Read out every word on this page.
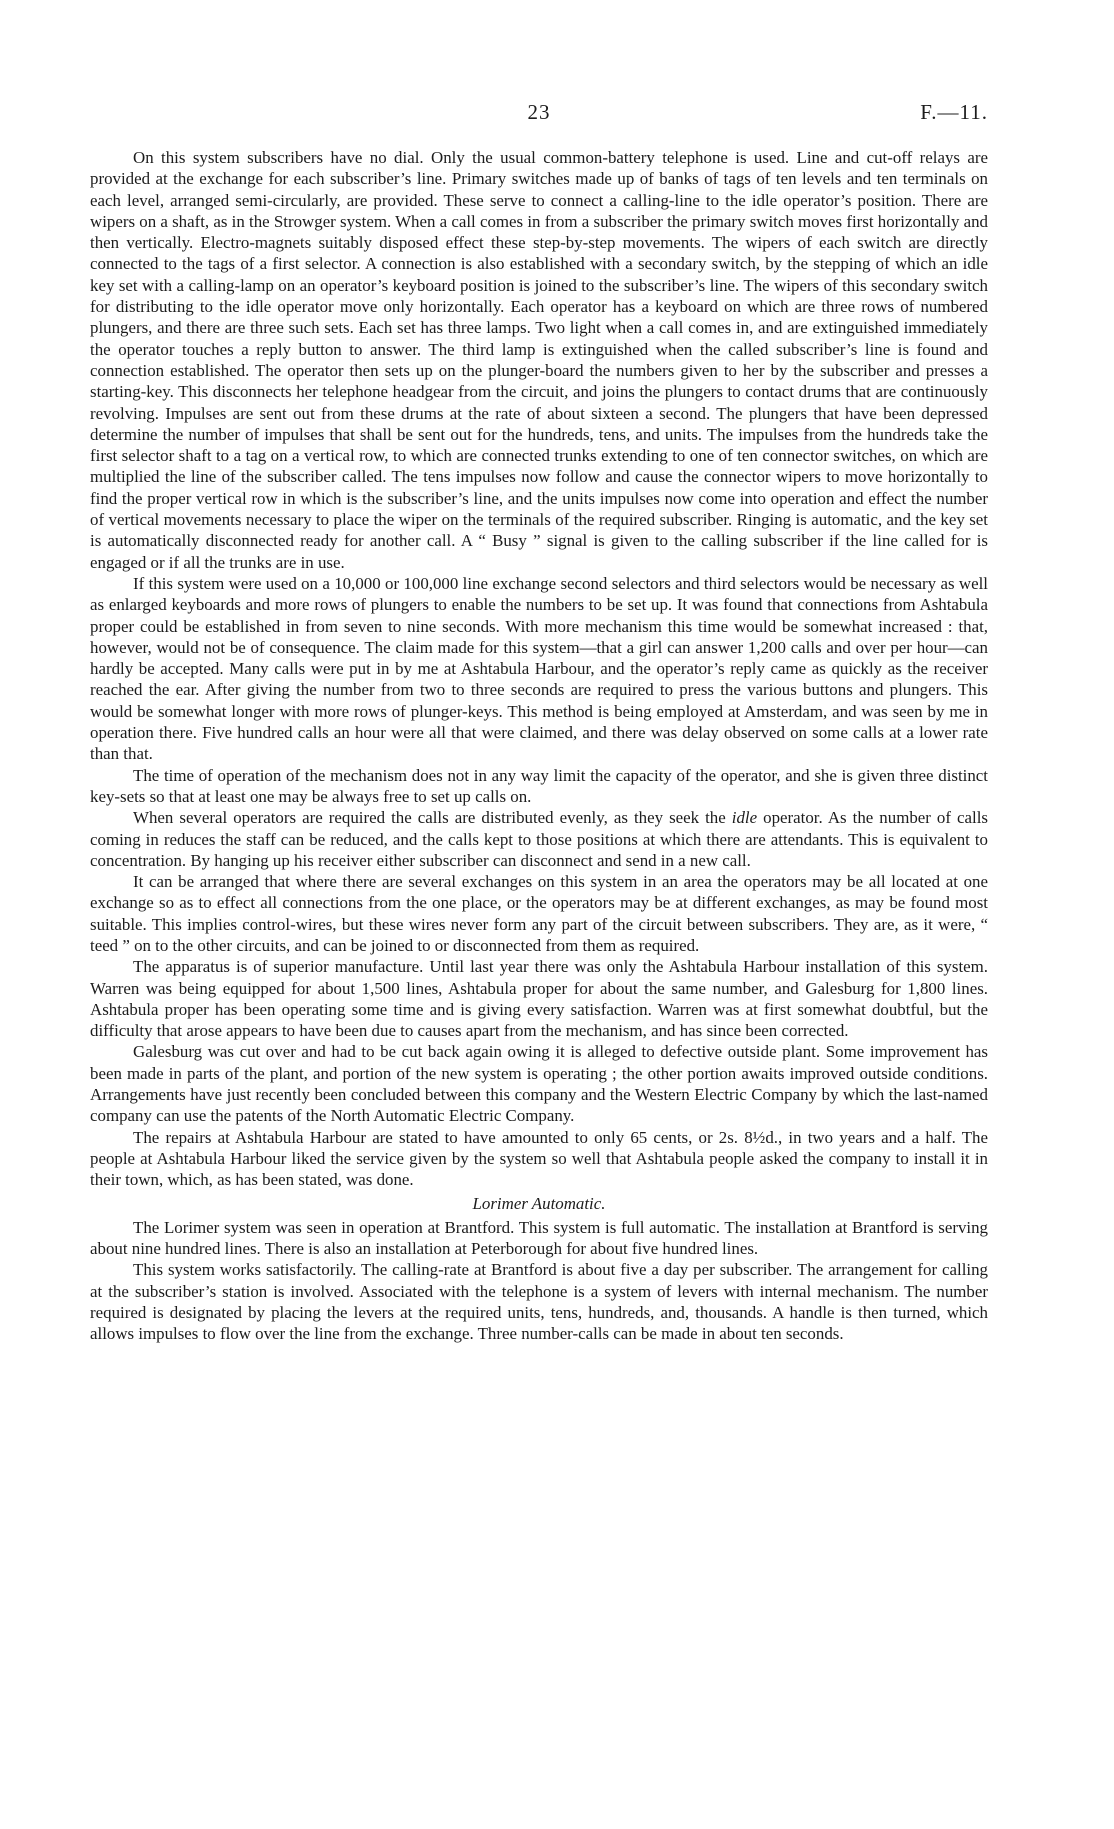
23	F.—11.

On this system subscribers have no dial. Only the usual common-battery telephone is used. Line and cut-off relays are provided at the exchange for each subscriber’s line. Primary switches made up of banks of tags of ten levels and ten terminals on each level, arranged semi-circularly, are provided. These serve to connect a calling-line to the idle operator’s position. There are wipers on a shaft, as in the Strowger system. When a call comes in from a subscriber the primary switch moves first horizontally and then vertically. Electro-magnets suitably disposed effect these step-by-step movements. The wipers of each switch are directly connected to the tags of a first selector. A connection is also established with a secondary switch, by the stepping of which an idle key set with a calling-lamp on an operator’s keyboard position is joined to the subscriber’s line. The wipers of this secondary switch for distributing to the idle operator move only horizontally. Each operator has a keyboard on which are three rows of numbered plungers, and there are three such sets. Each set has three lamps. Two light when a call comes in, and are extinguished immediately the operator touches a reply button to answer. The third lamp is extinguished when the called subscriber’s line is found and connection established. The operator then sets up on the plunger-board the numbers given to her by the subscriber and presses a starting-key. This disconnects her telephone headgear from the circuit, and joins the plungers to contact drums that are continuously revolving. Impulses are sent out from these drums at the rate of about sixteen a second. The plungers that have been depressed determine the number of impulses that shall be sent out for the hundreds, tens, and units. The impulses from the hundreds take the first selector shaft to a tag on a vertical row, to which are connected trunks extending to one of ten connector switches, on which are multiplied the line of the subscriber called. The tens impulses now follow and cause the connector wipers to move horizontally to find the proper vertical row in which is the subscriber’s line, and the units impulses now come into operation and effect the number of vertical movements necessary to place the wiper on the terminals of the required subscriber. Ringing is automatic, and the key set is automatically disconnected ready for another call. A “ Busy ” signal is given to the calling subscriber if the line called for is engaged or if all the trunks are in use.

If this system were used on a 10,000 or 100,000 line exchange second selectors and third selectors would be necessary as well as enlarged keyboards and more rows of plungers to enable the numbers to be set up. It was found that connections from Ashtabula proper could be established in from seven to nine seconds. With more mechanism this time would be somewhat increased : that, however, would not be of consequence. The claim made for this system—that a girl can answer 1,200 calls and over per hour—can hardly be accepted. Many calls were put in by me at Ashtabula Harbour, and the operator’s reply came as quickly as the receiver reached the ear. After giving the number from two to three seconds are required to press the various buttons and plungers. This would be somewhat longer with more rows of plunger-keys. This method is being employed at Amsterdam, and was seen by me in operation there. Five hundred calls an hour were all that were claimed, and there was delay observed on some calls at a lower rate than that.

The time of operation of the mechanism does not in any way limit the capacity of the operator, and she is given three distinct key-sets so that at least one may be always free to set up calls on.

When several operators are required the calls are distributed evenly, as they seek the idle operator. As the number of calls coming in reduces the staff can be reduced, and the calls kept to those positions at which there are attendants. This is equivalent to concentration. By hanging up his receiver either subscriber can disconnect and send in a new call.

It can be arranged that where there are several exchanges on this system in an area the operators may be all located at one exchange so as to effect all connections from the one place, or the operators may be at different exchanges, as may be found most suitable. This implies control-wires, but these wires never form any part of the circuit between subscribers. They are, as it were, “ teed ” on to the other circuits, and can be joined to or disconnected from them as required.

The apparatus is of superior manufacture. Until last year there was only the Ashtabula Harbour installation of this system. Warren was being equipped for about 1,500 lines, Ashtabula proper for about the same number, and Galesburg for 1,800 lines. Ashtabula proper has been operating some time and is giving every satisfaction. Warren was at first somewhat doubtful, but the difficulty that arose appears to have been due to causes apart from the mechanism, and has since been corrected.

Galesburg was cut over and had to be cut back again owing it is alleged to defective outside plant. Some improvement has been made in parts of the plant, and portion of the new system is operating ; the other portion awaits improved outside conditions. Arrangements have just recently been concluded between this company and the Western Electric Company by which the last-named company can use the patents of the North Automatic Electric Company.

The repairs at Ashtabula Harbour are stated to have amounted to only 65 cents, or 2s. 8½d., in two years and a half. The people at Ashtabula Harbour liked the service given by the system so well that Ashtabula people asked the company to install it in their town, which, as has been stated, was done.

Lorimer Automatic.

The Lorimer system was seen in operation at Brantford. This system is full automatic. The installation at Brantford is serving about nine hundred lines. There is also an installation at Peterborough for about five hundred lines.

This system works satisfactorily. The calling-rate at Brantford is about five a day per subscriber. The arrangement for calling at the subscriber’s station is involved. Associated with the telephone is a system of levers with internal mechanism. The number required is designated by placing the levers at the required units, tens, hundreds, and, thousands. A handle is then turned, which allows impulses to flow over the line from the exchange. Three number-calls can be made in about ten seconds.
